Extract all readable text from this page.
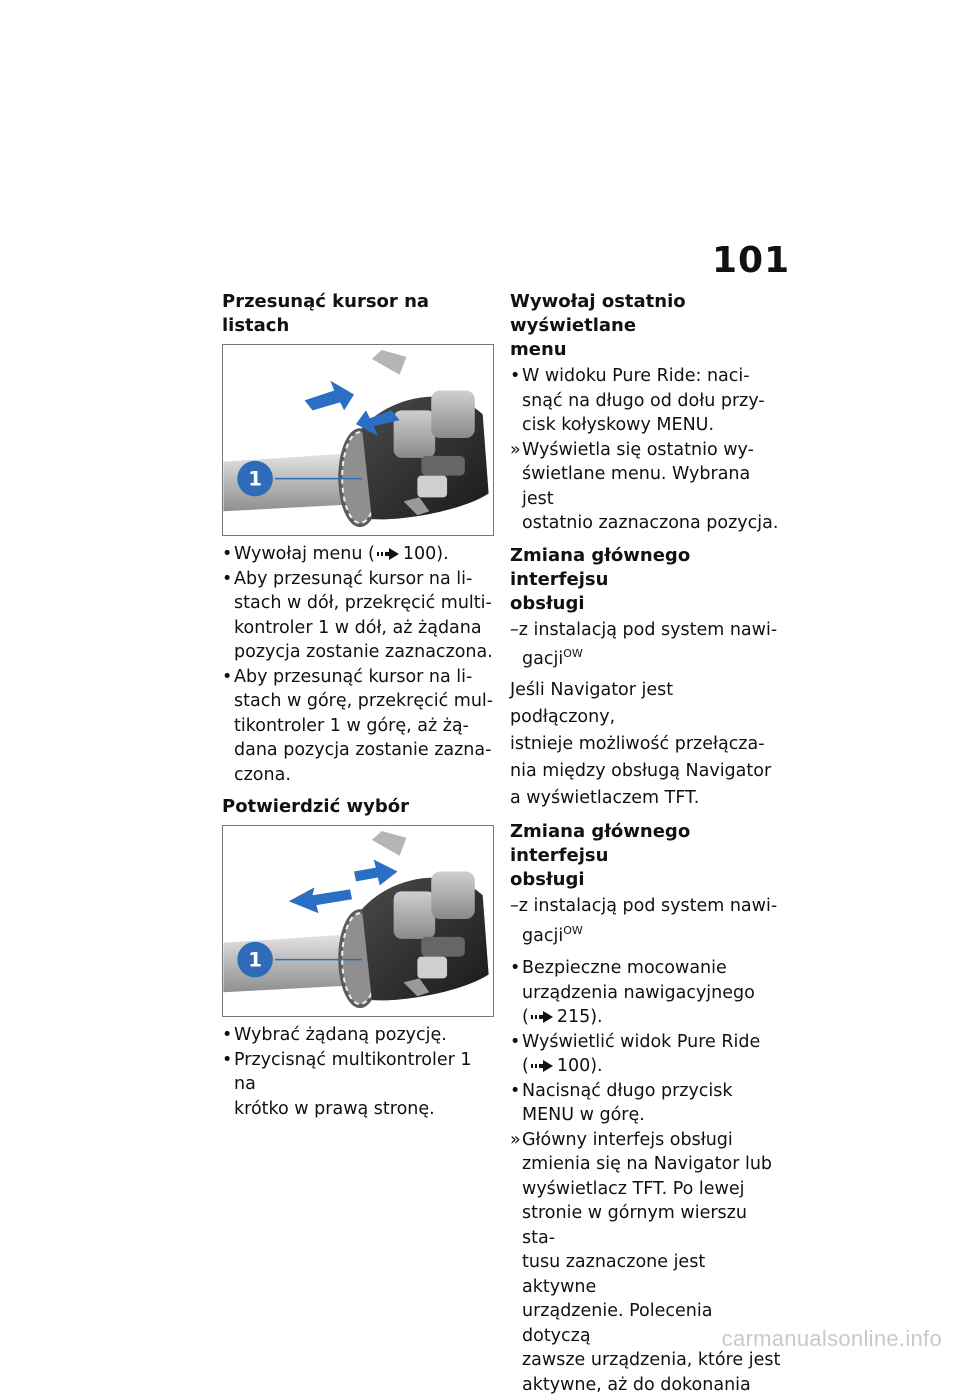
101
Przesunąć kursor na listach
1
• Wywołaj menu ( 100).
• Aby przesunąć kursor na li-
stach w dół, przekręcić multi-
kontroler 1 w dół, aż żądana
pozycja zostanie zaznaczona.
• Aby przesunąć kursor na li-
stach w górę, przekręcić mul-
tikontroler 1 w górę, aż żą-
dana pozycja zostanie zazna-
czona.
Potwierdzić wybór
1
• Wybrać żądaną pozycję.
• Przycisnąć multikontroler 1 na
krótko w prawą stronę.
Wywołaj ostatnio wyświetlane
menu
• W widoku Pure Ride: naci-
snąć na długo od dołu przy-
cisk kołyskowy MENU.
» Wyświetla się ostatnio wy-
świetlane menu. Wybrana jest
ostatnio zaznaczona pozycja.
Zmiana głównego interfejsu
obsługi
–z instalacją pod system nawi-
gacji$^{OW}$

Jeśli Navigator jest podłączony,
istnieje możliwość przełącza-
nia między obsługą Navigator
a wyświetlaczem TFT.

Zmiana głównego interfejsu
obsługi
–z instalacją pod system nawi-
gacji$^{OW}$
• Bezpieczne mocowanie
urządzenia nawigacyjnego
( 215).
• Wyświetlić widok Pure Ride
( 100).
• Nacisnąć długo przycisk
MENU w górę.
» Główny interfejs obsługi
zmienia się na Navigator lub
wyświetlacz TFT. Po lewej
stronie w górnym wierszu sta-
tusu zaznaczone jest aktywne
urządzenie. Polecenia dotyczą
zawsze urządzenia, które jest
aktywne, aż do dokonania
carmanualsonline.info
